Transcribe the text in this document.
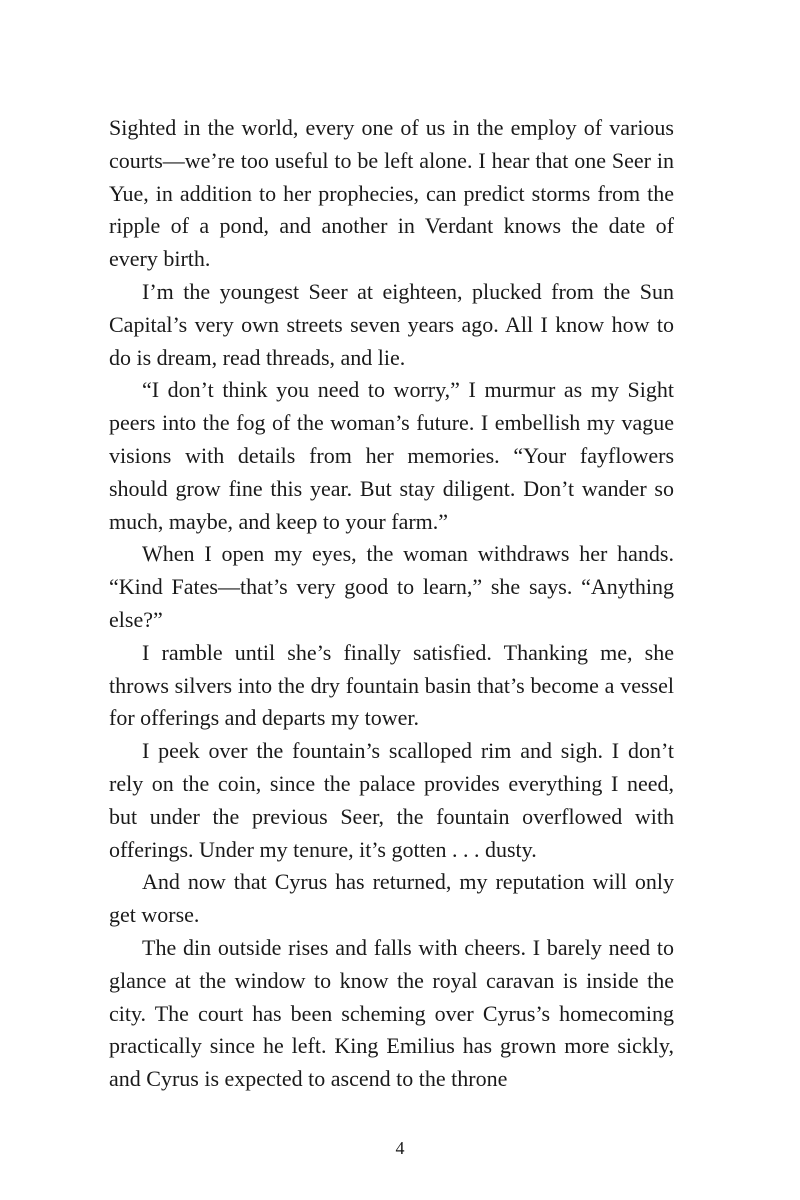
Sighted in the world, every one of us in the employ of various courts—we’re too useful to be left alone. I hear that one Seer in Yue, in addition to her prophecies, can predict storms from the ripple of a pond, and another in Verdant knows the date of every birth.

I’m the youngest Seer at eighteen, plucked from the Sun Capital’s very own streets seven years ago. All I know how to do is dream, read threads, and lie.

“I don’t think you need to worry,” I murmur as my Sight peers into the fog of the woman’s future. I embellish my vague visions with details from her memories. “Your fayflowers should grow fine this year. But stay diligent. Don’t wander so much, maybe, and keep to your farm.”

When I open my eyes, the woman withdraws her hands. “Kind Fates—that’s very good to learn,” she says. “Anything else?”

I ramble until she’s finally satisfied. Thanking me, she throws silvers into the dry fountain basin that’s become a vessel for offerings and departs my tower.

I peek over the fountain’s scalloped rim and sigh. I don’t rely on the coin, since the palace provides everything I need, but under the previous Seer, the fountain overflowed with offerings. Under my tenure, it’s gotten . . . dusty.

And now that Cyrus has returned, my reputation will only get worse.

The din outside rises and falls with cheers. I barely need to glance at the window to know the royal caravan is inside the city. The court has been scheming over Cyrus’s homecoming practically since he left. King Emilius has grown more sickly, and Cyrus is expected to ascend to the throne

4
